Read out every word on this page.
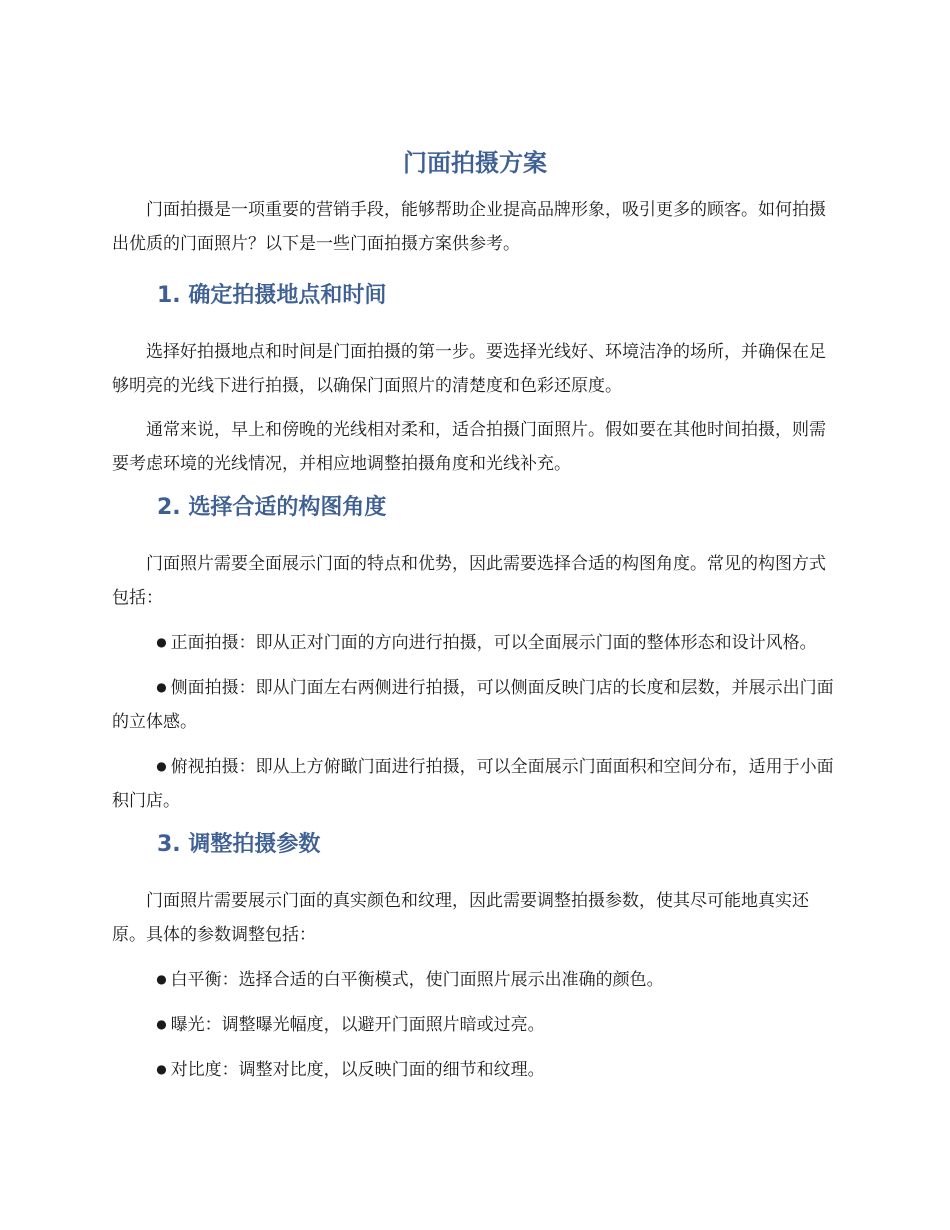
门面拍摄方案

门面拍摄是一项重要的营销手段，能够帮助企业提高品牌形象，吸引更多的顾客。如何拍摄出优质的门面照片？以下是一些门面拍摄方案供参考。

1. 确定拍摄地点和时间

选择好拍摄地点和时间是门面拍摄的第一步。要选择光线好、环境洁净的场所，并确保在足够明亮的光线下进行拍摄，以确保门面照片的清楚度和色彩还原度。

通常来说，早上和傍晚的光线相对柔和，适合拍摄门面照片。假如要在其他时间拍摄，则需要考虑环境的光线情况，并相应地调整拍摄角度和光线补充。

2. 选择合适的构图角度

门面照片需要全面展示门面的特点和优势，因此需要选择合适的构图角度。常见的构图方式包括：

● 正面拍摄：即从正对门面的方向进行拍摄，可以全面展示门面的整体形态和设计风格。
● 侧面拍摄：即从门面左右两侧进行拍摄，可以侧面反映门店的长度和层数，并展示出门面的立体感。
● 俯视拍摄：即从上方俯瞰门面进行拍摄，可以全面展示门面面积和空间分布，适用于小面积门店。
3. 调整拍摄参数

门面照片需要展示门面的真实颜色和纹理，因此需要调整拍摄参数，使其尽可能地真实还原。具体的参数调整包括：

● 白平衡：选择合适的白平衡模式，使门面照片展示出准确的颜色。
● 曝光：调整曝光幅度，以避开门面照片暗或过亮。
● 对比度：调整对比度，以反映门面的细节和纹理。
